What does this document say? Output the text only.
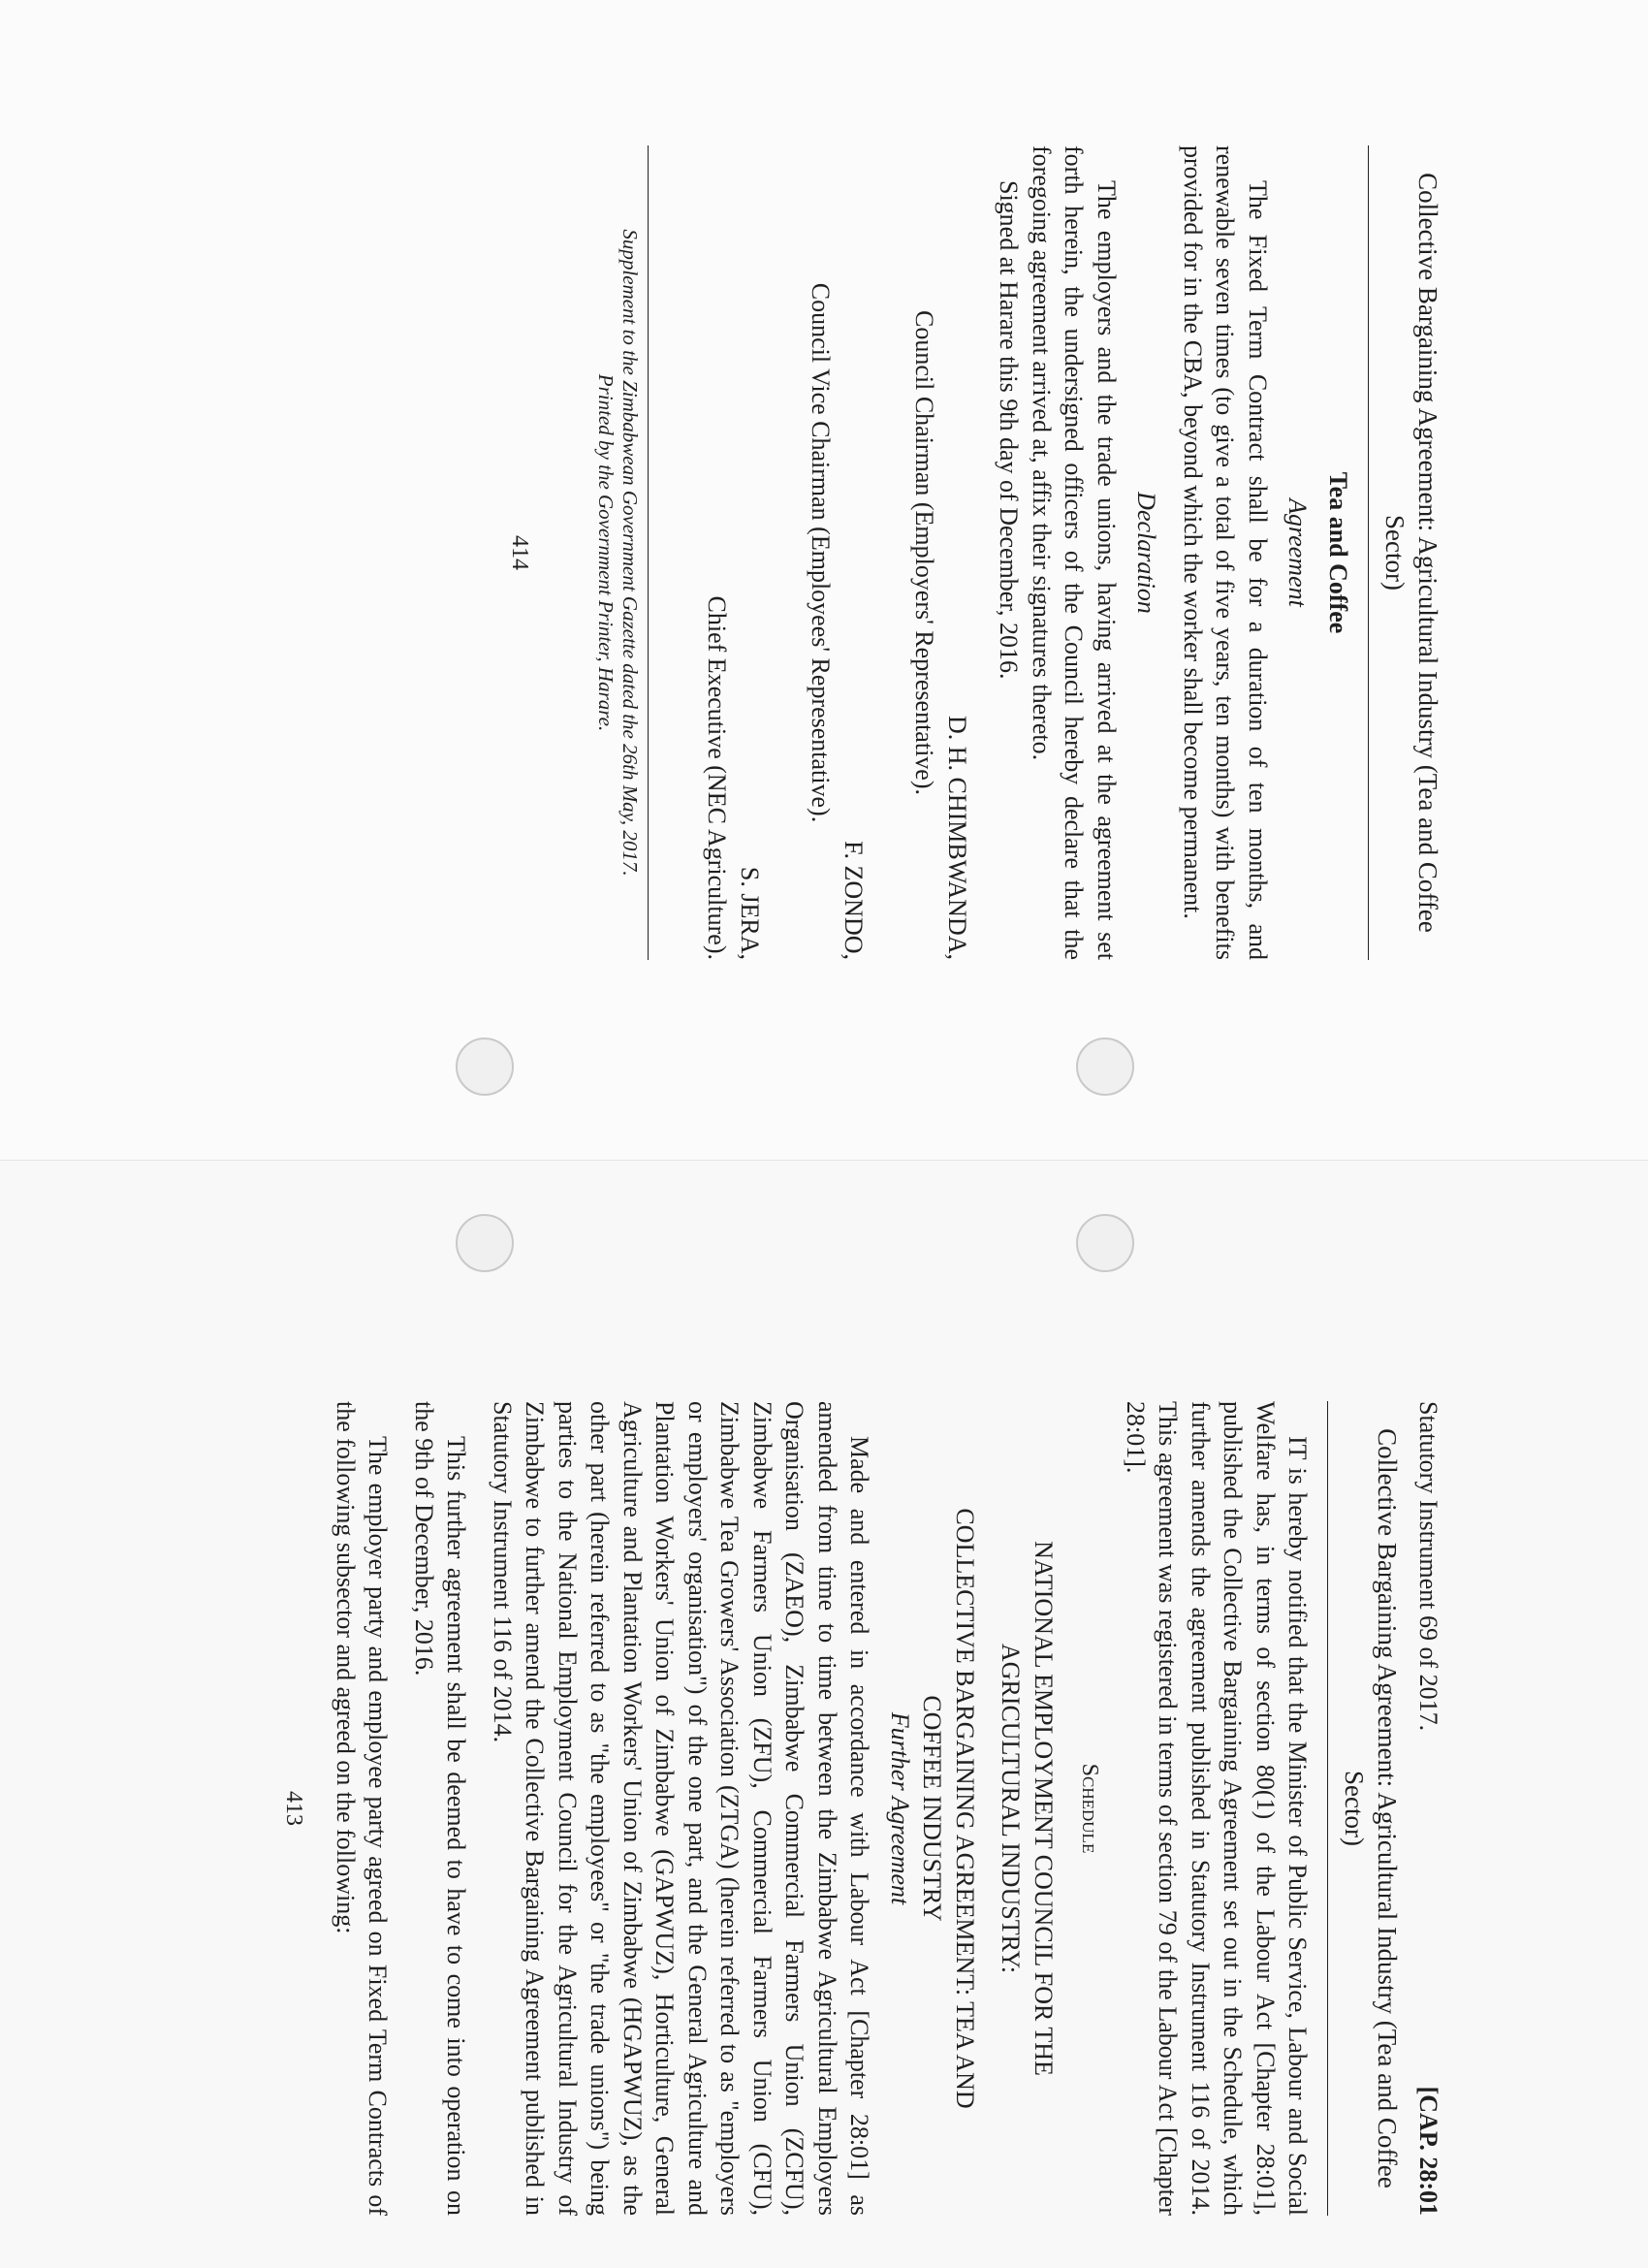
Collective Bargaining Agreement: Agricultural Industry (Tea and Coffee Sector)
Tea and Coffee
Agreement

The Fixed Term Contract shall be for a duration of ten months, and renewable seven times (to give a total of five years, ten months) with benefits provided for in the CBA, beyond which the worker shall become permanent.

Declaration

The employers and the trade unions, having arrived at the agreement set forth herein, the undersigned officers of the Council hereby declare that the foregoing agreement arrived at, affix their signatures thereto.

Signed at Harare this 9th day of December, 2016.

D. H. CHIMBWANDA,
Council Chairman (Employers' Representative).
F. ZONDO,
Council Vice Chairman (Employees' Representative).
S. JERA,
Chief Executive (NEC Agriculture).
Supplement to the Zimbabwean Government Gazette dated the 26th May, 2017.
Printed by the Government Printer, Harare.
414
Statutory Instrument 69 of 2017.
[CAP. 28:01
Collective Bargaining Agreement: Agricultural Industry (Tea and Coffee Sector)

IT is hereby notified that the Minister of Public Service, Labour and Social Welfare has, in terms of section 80(1) of the Labour Act [Chapter 28:01], published the Collective Bargaining Agreement set out in the Schedule, which further amends the agreement published in Statutory Instrument 116 of 2014. This agreement was registered in terms of section 79 of the Labour Act [Chapter 28:01].

Schedule
NATIONAL EMPLOYMENT COUNCIL FOR THE
AGRICULTURAL INDUSTRY:
COLLECTIVE BARGAINING AGREEMENT: TEA AND
COFFEE INDUSTRY
Further Agreement

Made and entered in accordance with Labour Act [Chapter 28:01] as amended from time to time between the Zimbabwe Agricultural Employers Organisation (ZAEO), Zimbabwe Commercial Farmers Union (ZCFU), Zimbabwe Farmers Union (ZFU), Commercial Farmers Union (CFU), Zimbabwe Tea Growers' Association (ZTGA) (herein referred to as "employers or employers' organisation") of the one part, and the General Agriculture and Plantation Workers' Union of Zimbabwe (GAPWUZ), Horticulture, General Agriculture and Plantation Workers' Union of Zimbabwe (HGAPWUZ), as the other part (herein referred to as "the employees" or "the trade unions") being parties to the National Employment Council for the Agricultural Industry of Zimbabwe to further amend the Collective Bargaining Agreement published in Statutory Instrument 116 of 2014.

This further agreement shall be deemed to have to come into operation on the 9th of December, 2016.

The employer party and employee party agreed on Fixed Term Contracts of the following subsector and agreed on the following:

413
